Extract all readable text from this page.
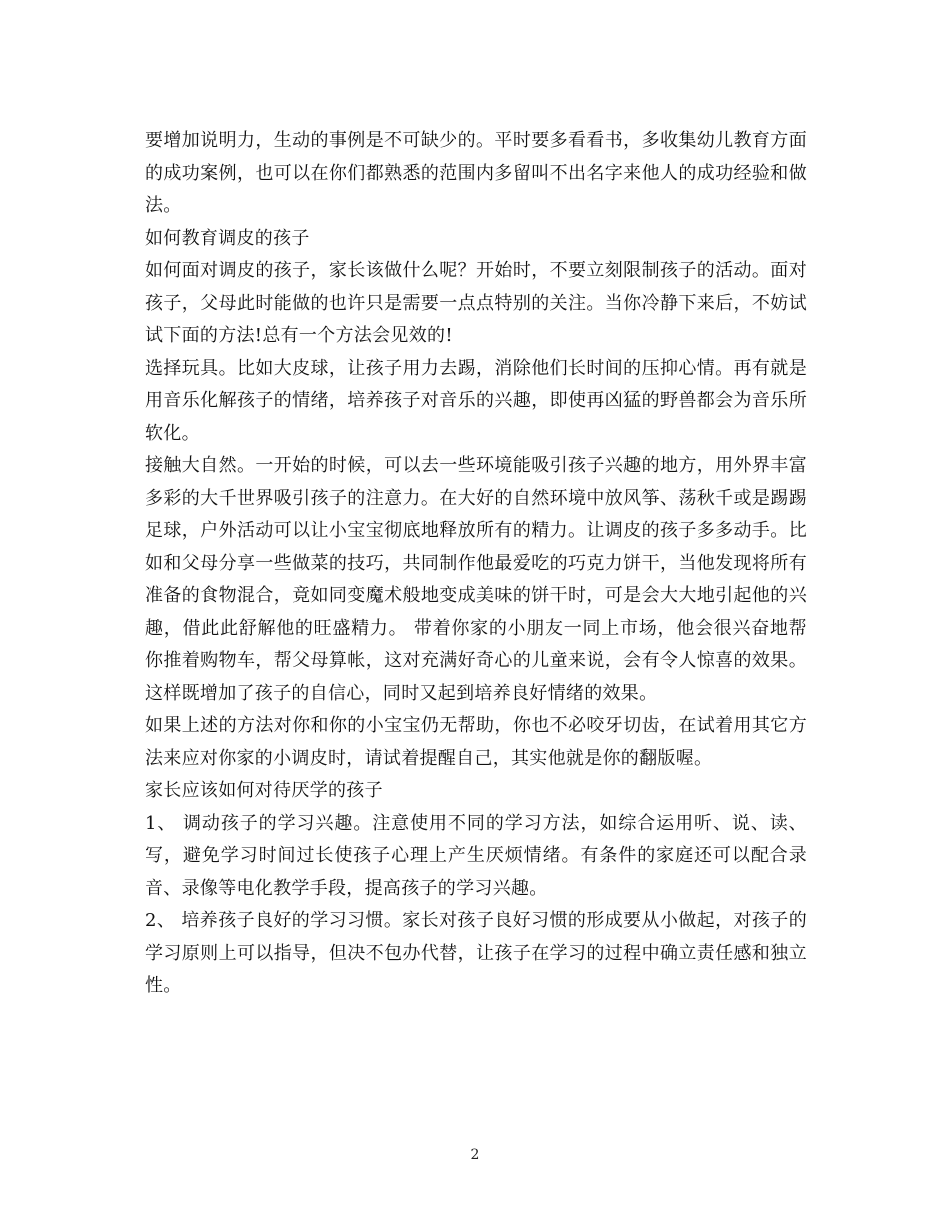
要增加说明力，生动的事例是不可缺少的。平时要多看看书，多收集幼儿教育方面的成功案例，也可以在你们都熟悉的范围内多留叫不出名字来他人的成功经验和做法。

如何教育调皮的孩子

如何面对调皮的孩子，家长该做什么呢？开始时，不要立刻限制孩子的活动。面对孩子，父母此时能做的也许只是需要一点点特别的关注。当你冷静下来后，不妨试试下面的方法!总有一个方法会见效的!

选择玩具。比如大皮球，让孩子用力去踢，消除他们长时间的压抑心情。再有就是用音乐化解孩子的情绪，培养孩子对音乐的兴趣，即使再凶猛的野兽都会为音乐所软化。

接触大自然。一开始的时候，可以去一些环境能吸引孩子兴趣的地方，用外界丰富多彩的大千世界吸引孩子的注意力。在大好的自然环境中放风筝、荡秋千或是踢踢足球，户外活动可以让小宝宝彻底地释放所有的精力。让调皮的孩子多多动手。比如和父母分享一些做菜的技巧，共同制作他最爱吃的巧克力饼干，当他发现将所有准备的食物混合，竟如同变魔术般地变成美味的饼干时，可是会大大地引起他的兴趣，借此此舒解他的旺盛精力。 带着你家的小朋友一同上市场，他会很兴奋地帮你推着购物车，帮父母算帐，这对充满好奇心的儿童来说，会有令人惊喜的效果。这样既增加了孩子的自信心，同时又起到培养良好情绪的效果。

如果上述的方法对你和你的小宝宝仍无帮助，你也不必咬牙切齿，在试着用其它方法来应对你家的小调皮时，请试着提醒自己，其实他就是你的翻版喔。

家长应该如何对待厌学的孩子

1、 调动孩子的学习兴趣。注意使用不同的学习方法，如综合运用听、说、读、写，避免学习时间过长使孩子心理上产生厌烦情绪。有条件的家庭还可以配合录音、录像等电化教学手段，提高孩子的学习兴趣。

2、 培养孩子良好的学习习惯。家长对孩子良好习惯的形成要从小做起，对孩子的学习原则上可以指导，但决不包办代替，让孩子在学习的过程中确立责任感和独立性。

2
